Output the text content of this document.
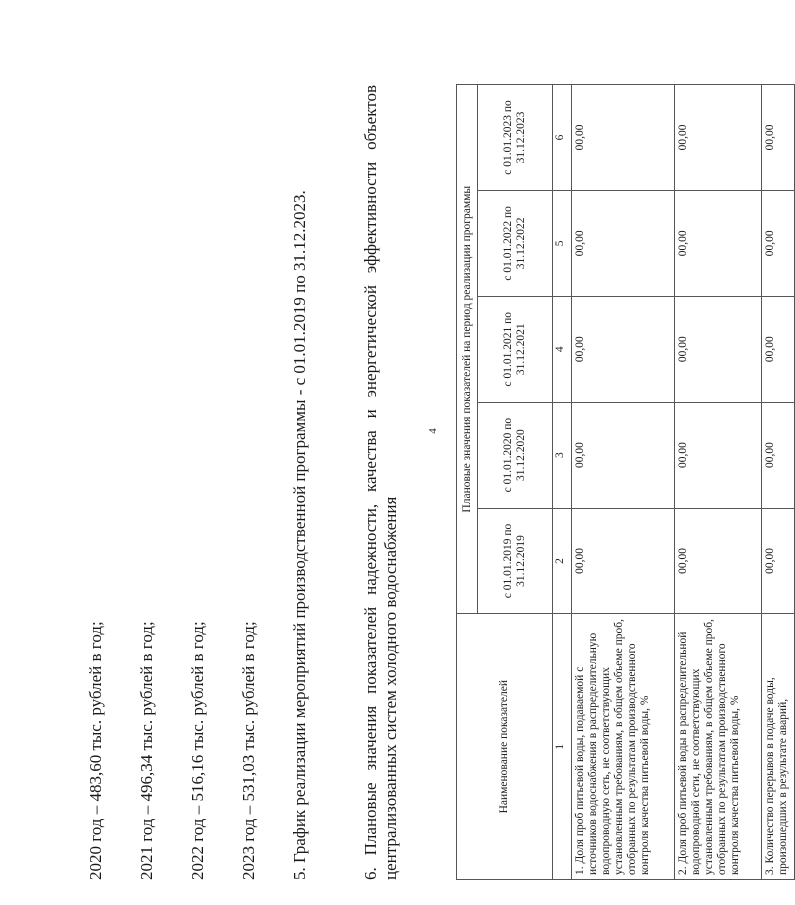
4
2020 год – 483,60 тыс. рублей в год; 2021 год – 496,34 тыс. рублей в год; 2022 год – 516,16 тыс. рублей в год; 2023 год – 531,03 тыс. рублей в год; 5. График реализации мероприятий производственной программы - с 01.01.2019 по 31.12.2023.	6.
Плановые
значения
показателей
надежности,
качества
и
энергетической
эффективности
объектов
централизованных систем холодного водоснабжения	Наименование показателей	Плановые значения показателей на период реализации программы				
	с 01.01.2019 по 31.12.2019	с 01.01.2020 по 31.12.2020	с 01.01.2021 по 31.12.2021	с 01.01.2022 по 31.12.2022	с 01.01.2023 по 31.12.2023
1	2	3	4	5	6
1. Доля проб питьевой воды, подаваемой с источников водоснабжения в распределительную водопроводную сеть, не соответствующих установленным требованиям, в общем объеме проб, отобранных по результатам производственного контроля качества питьевой воды, %	00,00	00,00	00,00	00,00	00,00
2. Доля проб питьевой воды в распределительной водопроводной сети, не соответствующих установленным требованиям, в общем объеме проб, отобранных по результатам производственного контроля качества питьевой воды, %	00,00	00,00	00,00	00,00	00,00
3. Количество перерывов в подаче воды, произошедших в результате аварий,	00,00	00,00	00,00	00,00	00,00
